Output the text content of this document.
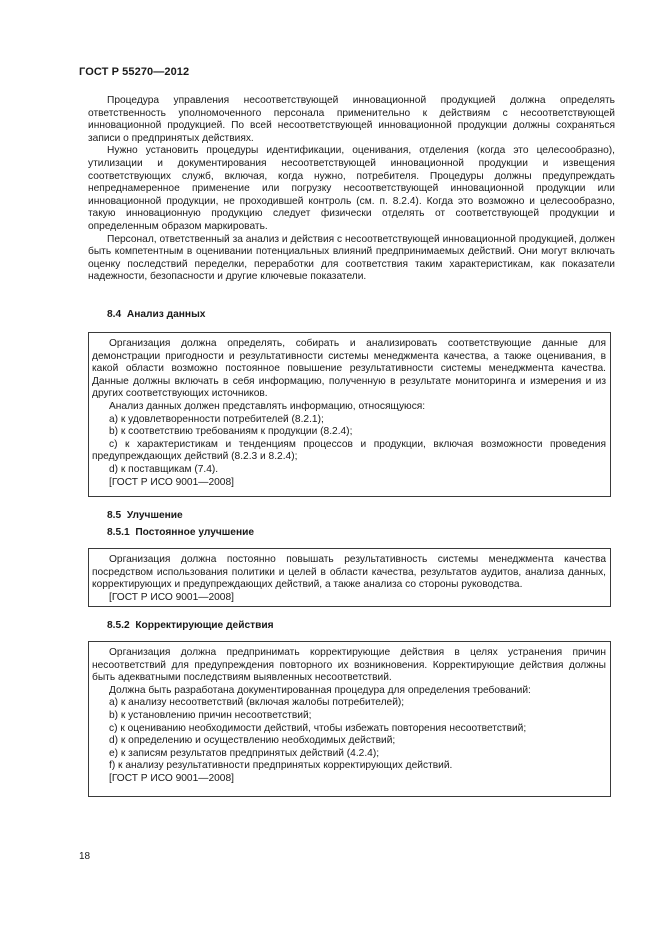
ГОСТ Р 55270—2012

Процедура управления несоответствующей инновационной продукцией должна определять ответственность уполномоченного персонала применительно к действиям с несоответствующей инновационной продукцией. По всей несоответствующей инновационной продукции должны сохраняться записи о предпринятых действиях.

Нужно установить процедуры идентификации, оценивания, отделения (когда это целесообразно), утилизации и документирования несоответствующей инновационной продукции и извещения соответствующих служб, включая, когда нужно, потребителя. Процедуры должны предупреждать непреднамеренное применение или погрузку несоответствующей инновационной продукции или инновационной продукции, не проходившей контроль (см. п. 8.2.4). Когда это возможно и целесообразно, такую инновационную продукцию следует физически отделять от соответствующей продукции и определенным образом маркировать.

Персонал, ответственный за анализ и действия с несоответствующей инновационной продукцией, должен быть компетентным в оценивании потенциальных влияний предпринимаемых действий. Они могут включать оценку последствий переделки, переработки для соответствия таким характеристикам, как показатели надежности, безопасности и другие ключевые показатели.

8.4 Анализ данных

Организация должна определять, собирать и анализировать соответствующие данные для демонстрации пригодности и результативности системы менеджмента качества, а также оценивания, в какой области возможно постоянное повышение результативности системы менеджмента качества. Данные должны включать в себя информацию, полученную в результате мониторинга и измерения и из других соответствующих источников.

Анализ данных должен представлять информацию, относящуюся:

a) к удовлетворенности потребителей (8.2.1);

b) к соответствию требованиям к продукции (8.2.4);

c) к характеристикам и тенденциям процессов и продукции, включая возможности проведения предупреждающих действий (8.2.3 и 8.2.4);

d) к поставщикам (7.4).

[ГОСТ Р ИСО 9001—2008]

8.5 Улучшение
8.5.1 Постоянное улучшение

Организация должна постоянно повышать результативность системы менеджмента качества посредством использования политики и целей в области качества, результатов аудитов, анализа данных, корректирующих и предупреждающих действий, а также анализа со стороны руководства.

[ГОСТ Р ИСО 9001—2008]

8.5.2 Корректирующие действия

Организация должна предпринимать корректирующие действия в целях устранения причин несоответствий для предупреждения повторного их возникновения. Корректирующие действия должны быть адекватными последствиям выявленных несоответствий.

Должна быть разработана документированная процедура для определения требований:

a) к анализу несоответствий (включая жалобы потребителей);

b) к установлению причин несоответствий;

c) к оцениванию необходимости действий, чтобы избежать повторения несоответствий;

d) к определению и осуществлению необходимых действий;

e) к записям результатов предпринятых действий (4.2.4);

f) к анализу результативности предпринятых корректирующих действий.

[ГОСТ Р ИСО 9001—2008]

18
